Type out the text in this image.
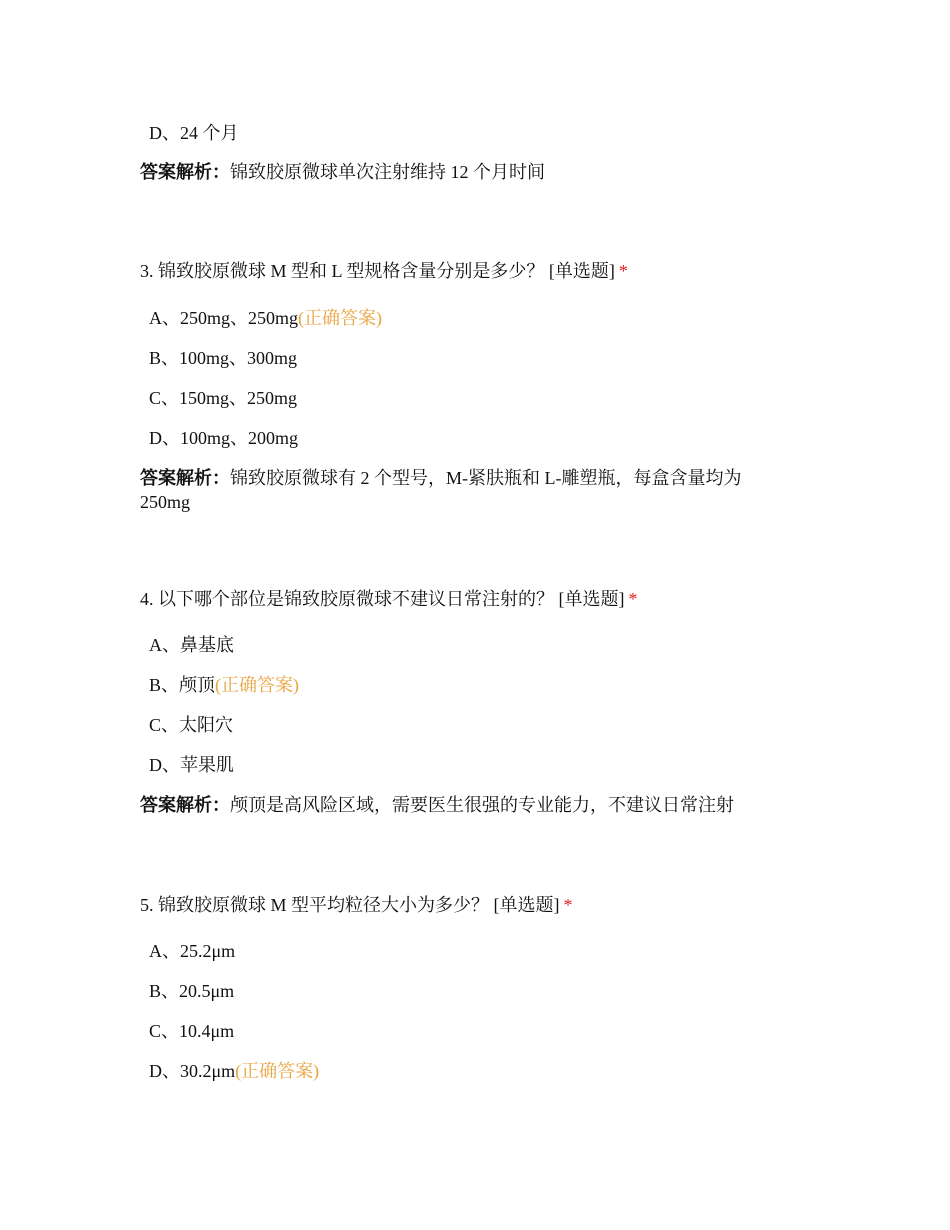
D、24 个月
答案解析：锦致胶原微球单次注射维持 12 个月时间
3. 锦致胶原微球 M 型和 L 型规格含量分别是多少？ [单选题] *
A、250mg、250mg(正确答案)
B、100mg、300mg
C、150mg、250mg
D、100mg、200mg
答案解析：锦致胶原微球有 2 个型号，M-紧肤瓶和 L-雕塑瓶，每盒含量均为 250mg
4. 以下哪个部位是锦致胶原微球不建议日常注射的？ [单选题] *
A、鼻基底
B、颅顶(正确答案)
C、太阳穴
D、苹果肌
答案解析：颅顶是高风险区域，需要医生很强的专业能力，不建议日常注射
5. 锦致胶原微球 M 型平均粒径大小为多少？ [单选题] *
A、25.2μm
B、20.5μm
C、10.4μm
D、30.2μm(正确答案)
